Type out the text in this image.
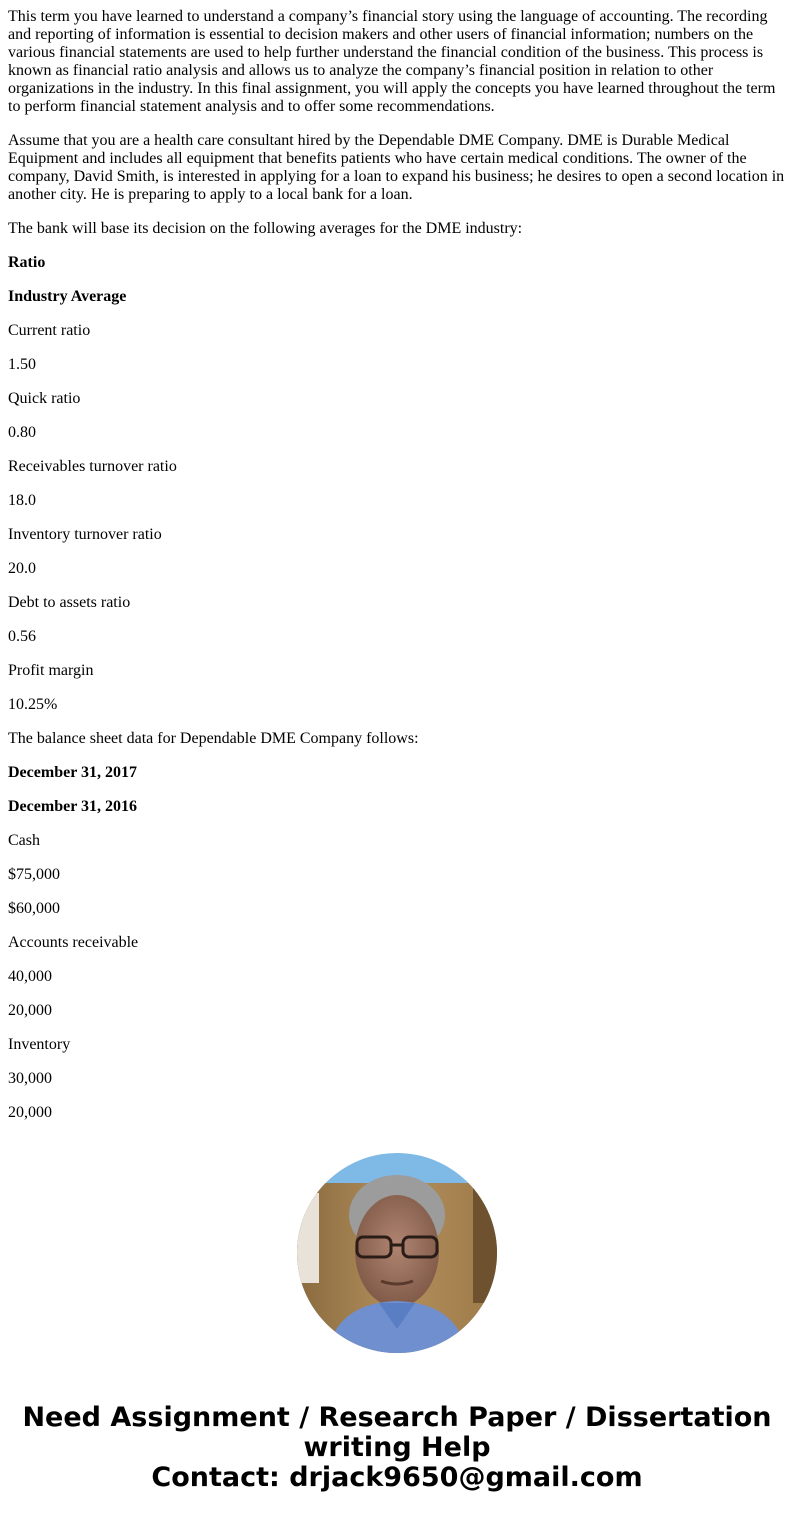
This term you have learned to understand a company’s financial story using the language of accounting. The recording and reporting of information is essential to decision makers and other users of financial information; numbers on the various financial statements are used to help further understand the financial condition of the business. This process is known as financial ratio analysis and allows us to analyze the company’s financial position in relation to other organizations in the industry. In this final assignment, you will apply the concepts you have learned throughout the term to perform financial statement analysis and to offer some recommendations.

Assume that you are a health care consultant hired by the Dependable DME Company. DME is Durable Medical Equipment and includes all equipment that benefits patients who have certain medical conditions. The owner of the company, David Smith, is interested in applying for a loan to expand his business; he desires to open a second location in another city. He is preparing to apply to a local bank for a loan.

The bank will base its decision on the following averages for the DME industry:

Ratio

Industry Average

Current ratio

1.50

Quick ratio

0.80

Receivables turnover ratio

18.0

Inventory turnover ratio

20.0

Debt to assets ratio

0.56

Profit margin

10.25%

The balance sheet data for Dependable DME Company follows:

December 31, 2017

December 31, 2016

Cash

$75,000

$60,000

Accounts receivable

40,000

20,000

Inventory

30,000

20,000

Need Assignment / Research Paper / Dissertation
writing Help
Contact: drjack9650@gmail.com
